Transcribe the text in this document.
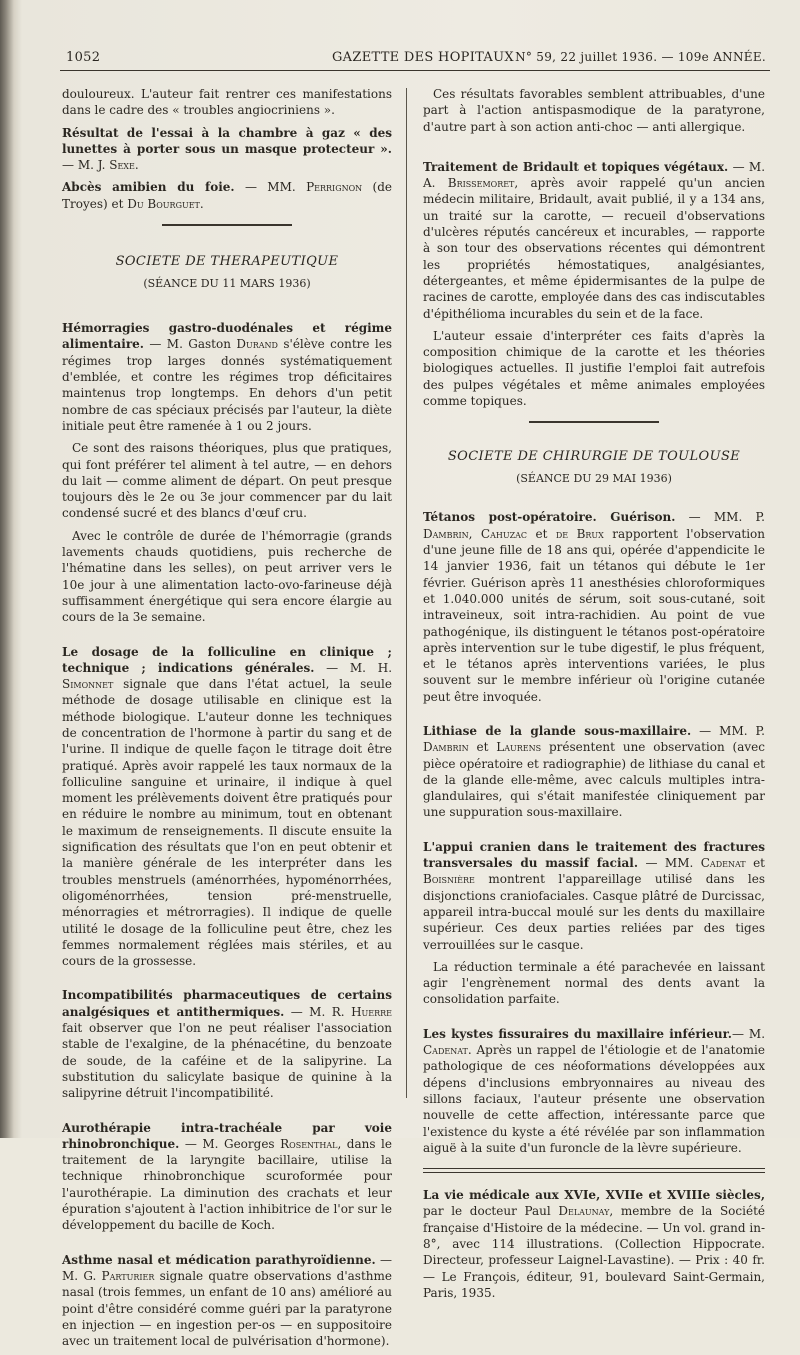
1052	GAZETTE DES HOPITAUX N° 59, 22 juillet 1936. — 109e ANNÉE.

douloureux. L'auteur fait rentrer ces manifestations dans le cadre des « troubles angiocriniens ».

Résultat de l'essai à la chambre à gaz « des lunettes à porter sous un masque protecteur ». — M. J. Sexe.

Abcès amibien du foie. — MM. Perrignon (de Troyes) et Du Bourguet.

SOCIETE DE THERAPEUTIQUE
(SÉANCE DU 11 MARS 1936)

Hémorragies gastro-duodénales et régime alimentaire. — M. Gaston Durand s'élève contre les régimes trop larges donnés systématiquement d'emblée, et contre les régimes trop déficitaires maintenus trop longtemps. En dehors d'un petit nombre de cas spéciaux précisés par l'auteur, la diète initiale peut être ramenée à 1 ou 2 jours.

Ce sont des raisons théoriques, plus que pratiques, qui font préférer tel aliment à tel autre, — en dehors du lait — comme aliment de départ. On peut presque toujours dès le 2e ou 3e jour commencer par du lait condensé sucré et des blancs d'œuf cru.

Avec le contrôle de durée de l'hémorragie (grands lavements chauds quotidiens, puis recherche de l'hématine dans les selles), on peut arriver vers le 10e jour à une alimentation lacto-ovo-farineuse déjà suffisamment énergétique qui sera encore élargie au cours de la 3e semaine.

Le dosage de la folliculine en clinique ; technique ; indications générales. — M. H. Simonnet signale que dans l'état actuel, la seule méthode de dosage utilisable en clinique est la méthode biologique. L'auteur donne les techniques de concentration de l'hormone à partir du sang et de l'urine. Il indique de quelle façon le titrage doit être pratiqué. Après avoir rappelé les taux normaux de la folliculine sanguine et urinaire, il indique à quel moment les prélèvements doivent être pratiqués pour en réduire le nombre au minimum, tout en obtenant le maximum de renseignements. Il discute ensuite la signification des résultats que l'on en peut obtenir et la manière générale de les interpréter dans les troubles menstruels (aménorrhées, hypoménorrhées, oligoménorrhées, tension pré-menstruelle, ménorragies et métrorragies). Il indique de quelle utilité le dosage de la folliculine peut être, chez les femmes normalement réglées mais stériles, et au cours de la grossesse.

Incompatibilités pharmaceutiques de certains analgésiques et antithermiques. — M. R. Huerre fait observer que l'on ne peut réaliser l'association stable de l'exalgine, de la phénacétine, du benzoate de soude, de la caféine et de la salipyrine. La substitution du salicylate basique de quinine à la salipyrine détruit l'incompatibilité.

Aurothérapie intra-trachéale par voie rhinobronchique. — M. Georges Rosenthal, dans le traitement de la laryngite bacillaire, utilise la technique rhinobronchique scuroformée pour l'aurothérapie. La diminution des crachats et leur épuration s'ajoutent à l'action inhibitrice de l'or sur le développement du bacille de Koch.

Asthme nasal et médication parathyroïdienne. — M. G. Parturier signale quatre observations d'asthme nasal (trois femmes, un enfant de 10 ans) amélioré au point d'être considéré comme guéri par la paratyrone en injection — en ingestion per-os — en suppositoire avec un traitement local de pulvérisation d'hormone).

Ces résultats favorables semblent attribuables, d'une part à l'action antispasmodique de la paratyrone, d'autre part à son action anti-choc — anti allergique.

Traitement de Bridault et topiques végétaux. — M. A. Brissemoret, après avoir rappelé qu'un ancien médecin militaire, Bridault, avait publié, il y a 134 ans, un traité sur la carotte, — recueil d'observations d'ulcères réputés cancéreux et incurables, — rapporte à son tour des observations récentes qui démontrent les propriétés hémostatiques, analgésiantes, détergeantes, et même épidermisantes de la pulpe de racines de carotte, employée dans des cas indiscutables d'épithélioma incurables du sein et de la face.

L'auteur essaie d'interpréter ces faits d'après la composition chimique de la carotte et les théories biologiques actuelles. Il justifie l'emploi fait autrefois des pulpes végétales et même animales employées comme topiques.

SOCIETE DE CHIRURGIE DE TOULOUSE
(SÉANCE DU 29 MAI 1936)

Tétanos post-opératoire. Guérison. — MM. P. Dambrin, Cahuzac et de Brux rapportent l'observation d'une jeune fille de 18 ans qui, opérée d'appendicite le 14 janvier 1936, fait un tétanos qui débute le 1er février. Guérison après 11 anesthésies chloroformiques et 1.040.000 unités de sérum, soit sous-cutané, soit intraveineux, soit intra-rachidien. Au point de vue pathogénique, ils distinguent le tétanos post-opératoire après intervention sur le tube digestif, le plus fréquent, et le tétanos après interventions variées, le plus souvent sur le membre inférieur où l'origine cutanée peut être invoquée.

Lithiase de la glande sous-maxillaire. — MM. P. Dambrin et Laurens présentent une observation (avec pièce opératoire et radiographie) de lithiase du canal et de la glande elle-même, avec calculs multiples intra-glandulaires, qui s'était manifestée cliniquement par une suppuration sous-maxillaire.

L'appui cranien dans le traitement des fractures transversales du massif facial. — MM. Cadenat et Boisnière montrent l'appareillage utilisé dans les disjonctions craniofaciales. Casque plâtré de Durcissac, appareil intra-buccal moulé sur les dents du maxillaire supérieur. Ces deux parties reliées par des tiges verrouillées sur le casque.

La réduction terminale a été parachevée en laissant agir l'engrènement normal des dents avant la consolidation parfaite.

Les kystes fissuraires du maxillaire inférieur.— M. Cadenat. Après un rappel de l'étiologie et de l'anatomie pathologique de ces néoformations développées aux dépens d'inclusions embryonnaires au niveau des sillons faciaux, l'auteur présente une observation nouvelle de cette affection, intéressante parce que l'existence du kyste a été révélée par son inflammation aiguë à la suite d'un furoncle de la lèvre supérieure.

La vie médicale aux XVIe, XVIIe et XVIIIe siècles, par le docteur Paul Delaunay, membre de la Société française d'Histoire de la médecine. — Un vol. grand in-8°, avec 114 illustrations. (Collection Hippocrate. Directeur, professeur Laignel-Lavastine). — Prix : 40 fr. — Le François, éditeur, 91, boulevard Saint-Germain, Paris, 1935.
